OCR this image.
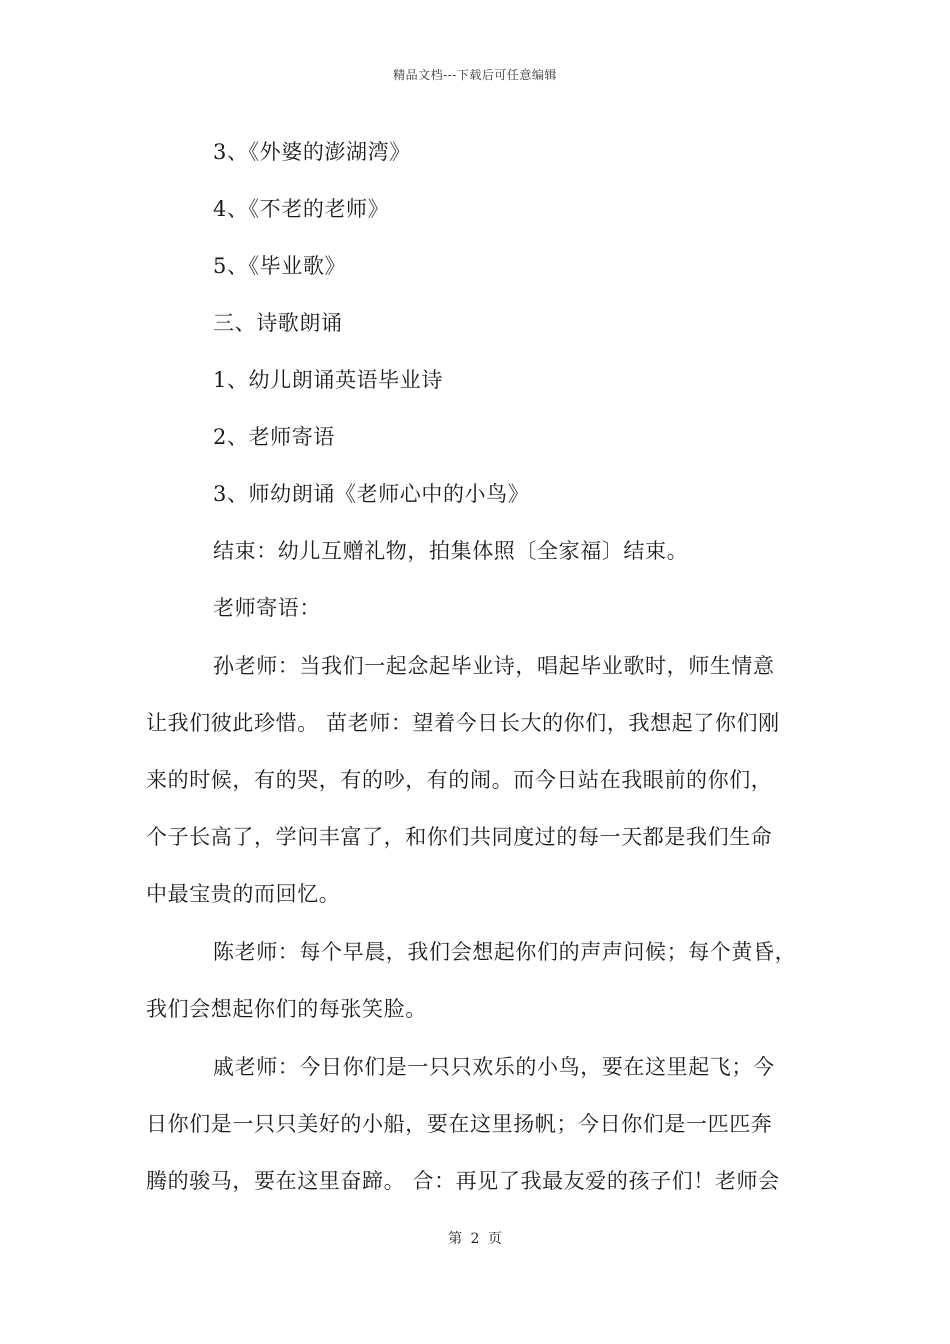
精品文档---下载后可任意编辑
3、《外婆的澎湖湾》
4、《不老的老师》
5、《毕业歌》
三、诗歌朗诵
1、幼儿朗诵英语毕业诗
2、老师寄语
3、师幼朗诵《老师心中的小鸟》
结束：幼儿互赠礼物，拍集体照〔全家福〕结束。
老师寄语：
孙老师：当我们一起念起毕业诗，唱起毕业歌时，师生情意
让我们彼此珍惜。 苗老师：望着今日长大的你们，我想起了你们刚
来的时候，有的哭，有的吵，有的闹。而今日站在我眼前的你们，
个子长高了，学问丰富了，和你们共同度过的每一天都是我们生命
中最宝贵的而回忆。
陈老师：每个早晨，我们会想起你们的声声问候；每个黄昏，
我们会想起你们的每张笑脸。
戚老师：今日你们是一只只欢乐的小鸟，要在这里起飞；今
日你们是一只只美好的小船，要在这里扬帆；今日你们是一匹匹奔
腾的骏马，要在这里奋蹄。 合：再见了我最友爱的孩子们！老师会
第 2 页
